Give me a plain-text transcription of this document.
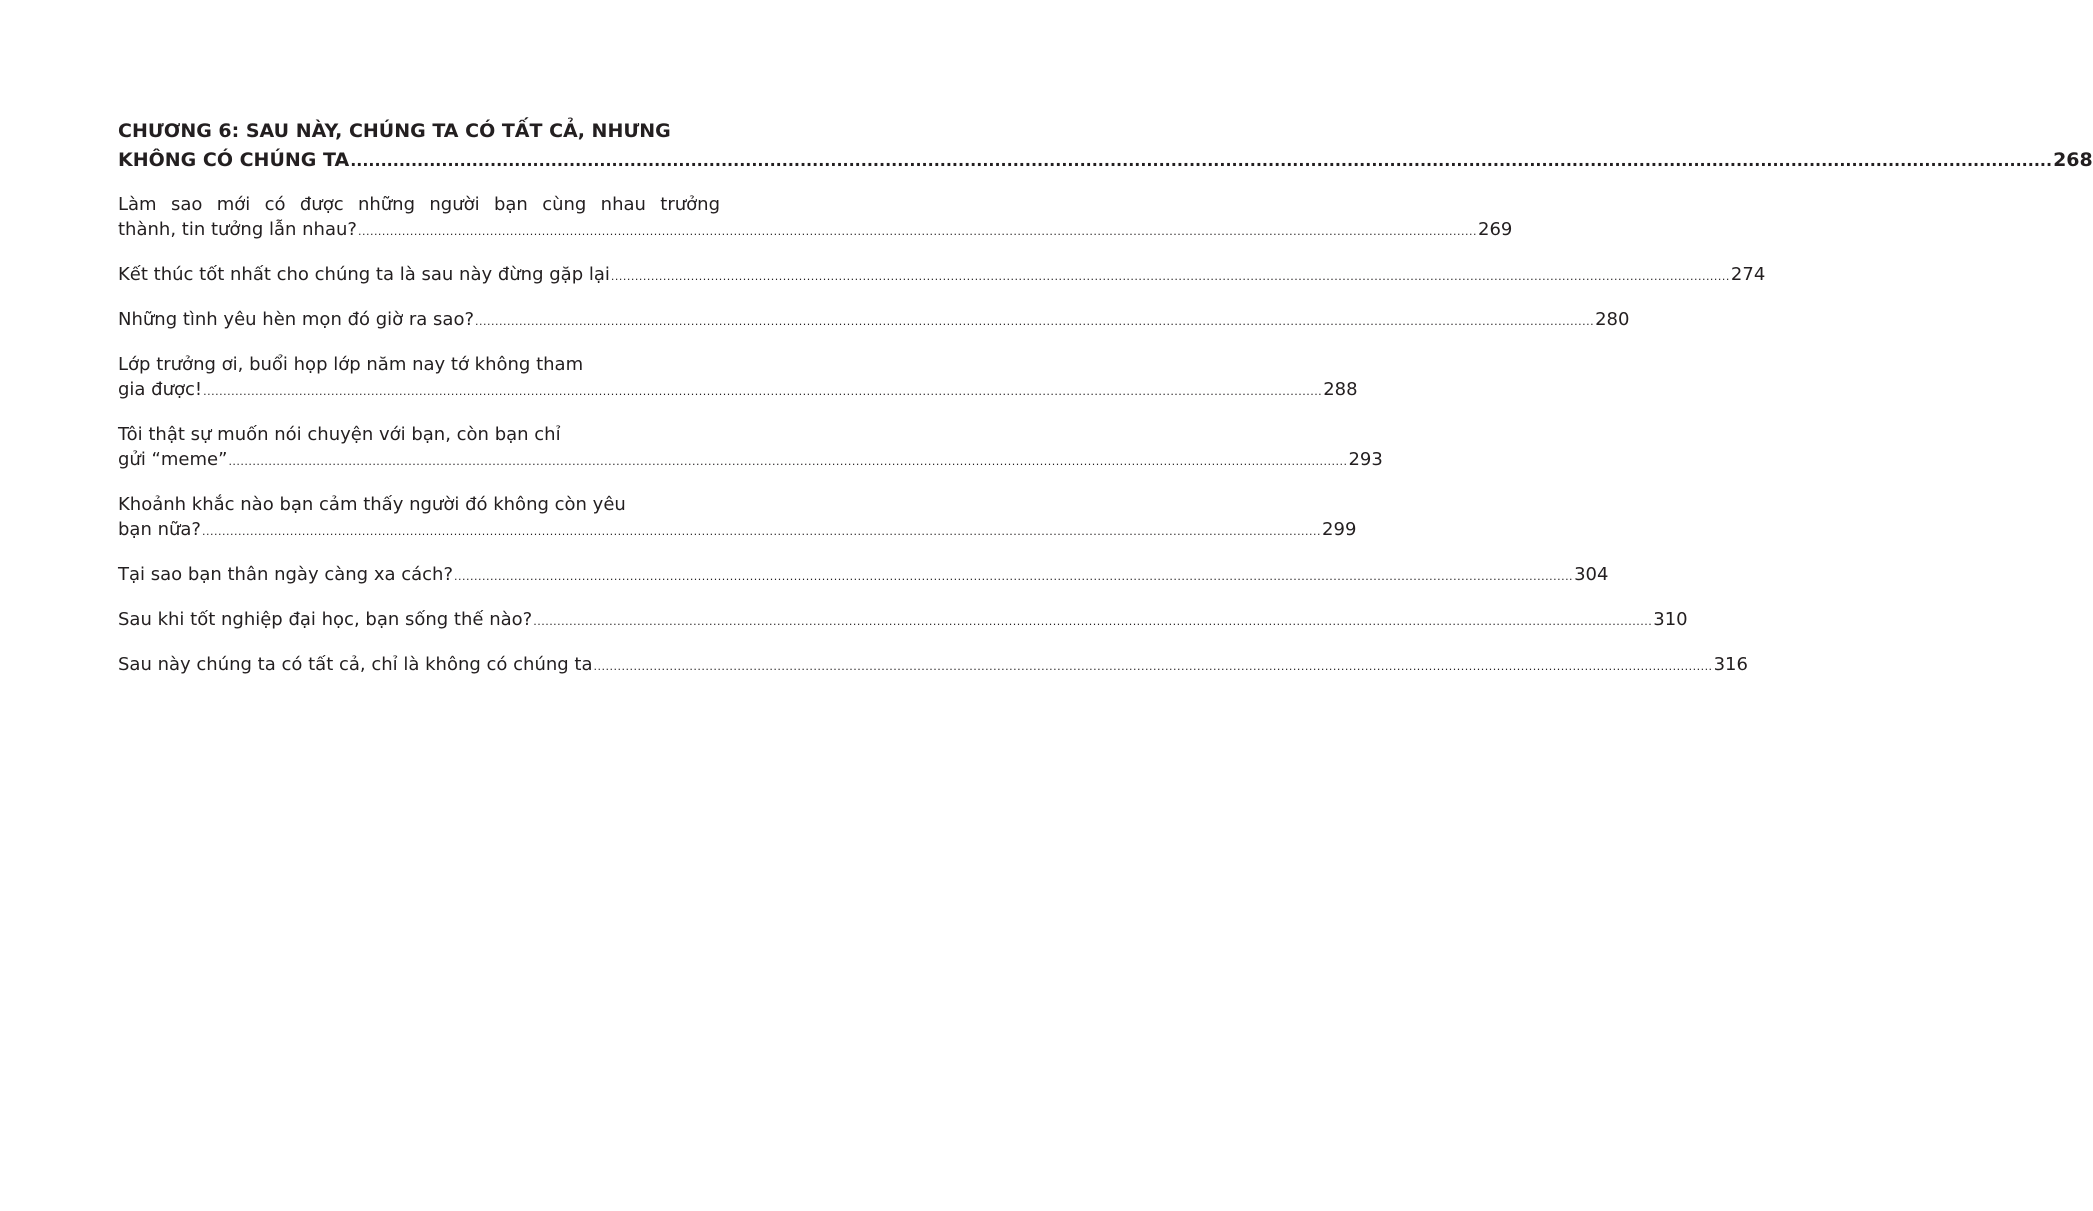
CHƯƠNG 6: SAU NÀY, CHÚNG TA CÓ TẤT CẢ, NHƯNG
KHÔNG CÓ CHÚNG TA .....	268
Làm sao mới có được những người bạn cùng nhau trưởng
thành, tin tưởng lẫn nhau? .....	269
Kết thúc tốt nhất cho chúng ta là sau này đừng gặp lại .....	274
Những tình yêu hèn mọn đó giờ ra sao? .....	280
Lớp trưởng ơi, buổi họp lớp năm nay tớ không tham
gia được! .....	288
Tôi thật sự muốn nói chuyện với bạn, còn bạn chỉ
gửi “meme” .....	293
Khoảnh khắc nào bạn cảm thấy người đó không còn yêu
bạn nữa? .....	299
Tại sao bạn thân ngày càng xa cách? .....	304
Sau khi tốt nghiệp đại học, bạn sống thế nào? .....	310
Sau này chúng ta có tất cả, chỉ là không có chúng ta .....	316
